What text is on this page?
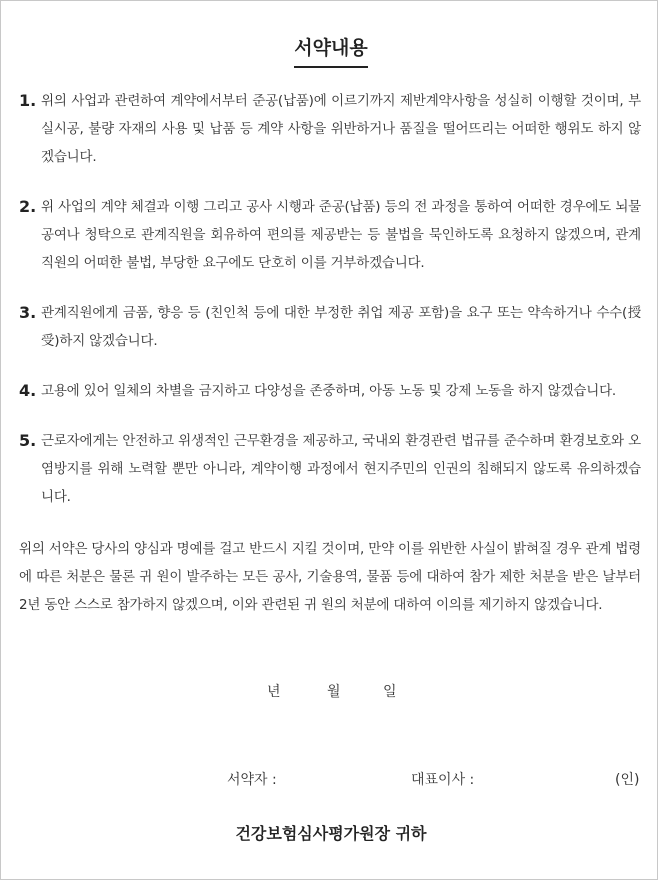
서약내용
1. 위의 사업과 관련하여 계약에서부터 준공(납품)에 이르기까지 제반계약사항을 성실히 이행할 것이며, 부실시공, 불량 자재의 사용 및 납품 등 계약 사항을 위반하거나 품질을 떨어뜨리는 어떠한 행위도 하지 않겠습니다.
2. 위 사업의 계약 체결과 이행 그리고 공사 시행과 준공(납품) 등의 전 과정을 통하여 어떠한 경우에도 뇌물공여나 청탁으로 관계직원을 회유하여 편의를 제공받는 등 불법을 묵인하도록 요청하지 않겠으며, 관계직원의 어떠한 불법, 부당한 요구에도 단호히 이를 거부하겠습니다.
3. 관계직원에게 금품, 향응 등 (친인척 등에 대한 부정한 취업 제공 포함)을 요구 또는 약속하거나 수수(授受)하지 않겠습니다.
4. 고용에 있어 일체의 차별을 금지하고 다양성을 존중하며, 아동 노동 및 강제 노동을 하지 않겠습니다.
5. 근로자에게는 안전하고 위생적인 근무환경을 제공하고, 국내외 환경관련 법규를 준수하며 환경보호와 오염방지를 위해 노력할 뿐만 아니라, 계약이행 과정에서 현지주민의 인권의 침해되지 않도록 유의하겠습니다.

위의 서약은 당사의 양심과 명예를 걸고 반드시 지킬 것이며, 만약 이를 위반한 사실이 밝혀질 경우 관계 법령에 따른 처분은 물론 귀 원이 발주하는 모든 공사, 기술용역, 물품 등에 대하여 참가 제한 처분을 받은 날부터 2년 동안 스스로 참가하지 않겠으며, 이와 관련된 귀 원의 처분에 대하여 이의를 제기하지 않겠습니다.

년	월	일
서약자 :	대표이사 :	(인)
건강보험심사평가원장 귀하
